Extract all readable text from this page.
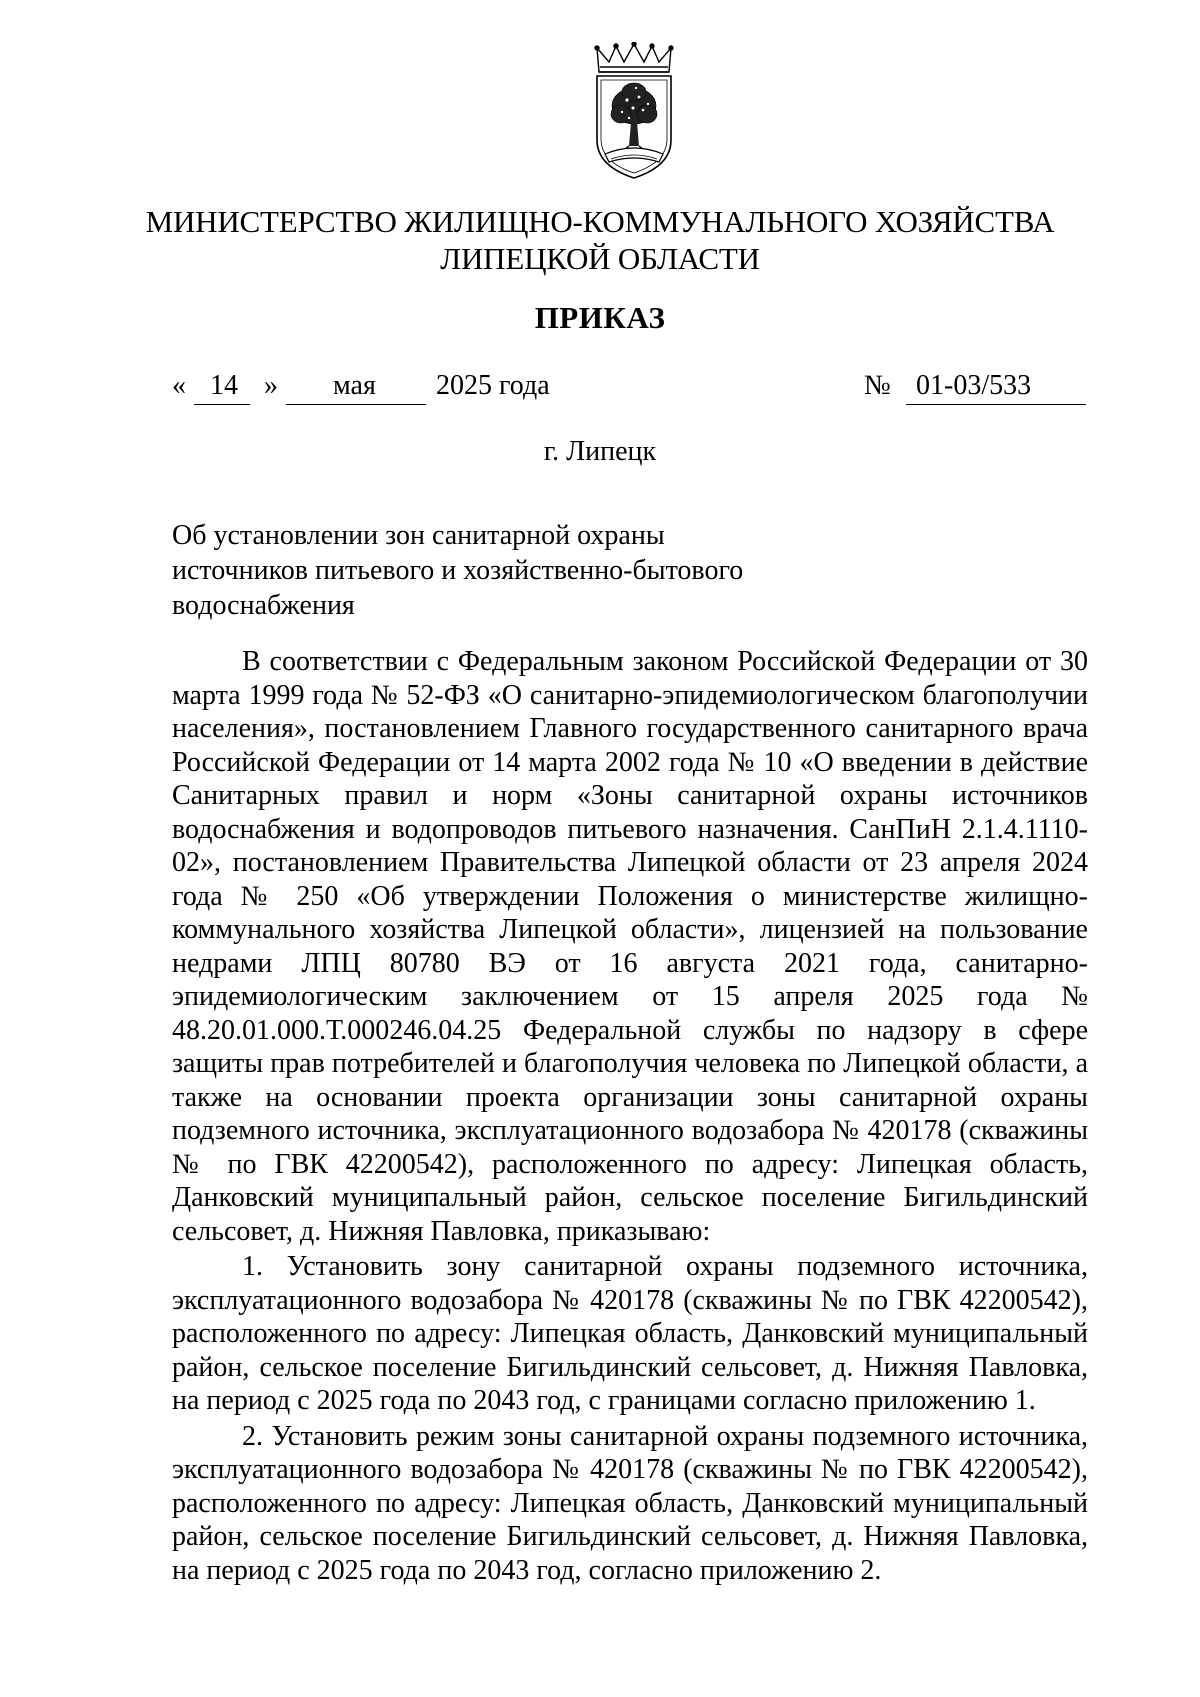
МИНИСТЕРСТВО ЖИЛИЩНО-КОММУНАЛЬНОГО ХОЗЯЙСТВА
ЛИПЕЦКОЙ ОБЛАСТИ
ПРИКАЗ
« 14 » мая 2025 года	№ 01-03/533
г. Липецк
Об установлении зон санитарной охраны
источников питьевого и хозяйственно-бытового
водоснабжения

В соответствии с Федеральным законом Российской Федерации от 30 марта 1999 года № 52-ФЗ «О санитарно-эпидемиологическом благополучии населения», постановлением Главного государственного санитарного врача Российской Федерации от 14 марта 2002 года № 10 «О введении в действие Санитарных правил и норм «Зоны санитарной охраны источников водоснабжения и водопроводов питьевого назначения. СанПиН 2.1.4.1110-02», постановлением Правительства Липецкой области от 23 апреля 2024 года № 250 «Об утверждении Положения о министерстве жилищно-коммунального хозяйства Липецкой области», лицензией на пользование недрами ЛПЦ 80780 ВЭ от 16 августа 2021 года, санитарно-эпидемиологическим заключением от 15 апреля 2025 года № 48.20.01.000.Т.000246.04.25 Федеральной службы по надзору в сфере защиты прав потребителей и благополучия человека по Липецкой области, а также на основании проекта организации зоны санитарной охраны подземного источника, эксплуатационного водозабора № 420178 (скважины № по ГВК 42200542), расположенного по адресу: Липецкая область, Данковский муниципальный район, сельское поселение Бигильдинский сельсовет, д. Нижняя Павловка, приказываю:

1. Установить зону санитарной охраны подземного источника, эксплуатационного водозабора № 420178 (скважины № по ГВК 42200542), расположенного по адресу: Липецкая область, Данковский муниципальный район, сельское поселение Бигильдинский сельсовет, д. Нижняя Павловка, на период с 2025 года по 2043 год, с границами согласно приложению 1.

2. Установить режим зоны санитарной охраны подземного источника, эксплуатационного водозабора № 420178 (скважины № по ГВК 42200542), расположенного по адресу: Липецкая область, Данковский муниципальный район, сельское поселение Бигильдинский сельсовет, д. Нижняя Павловка, на период с 2025 года по 2043 год, согласно приложению 2.
